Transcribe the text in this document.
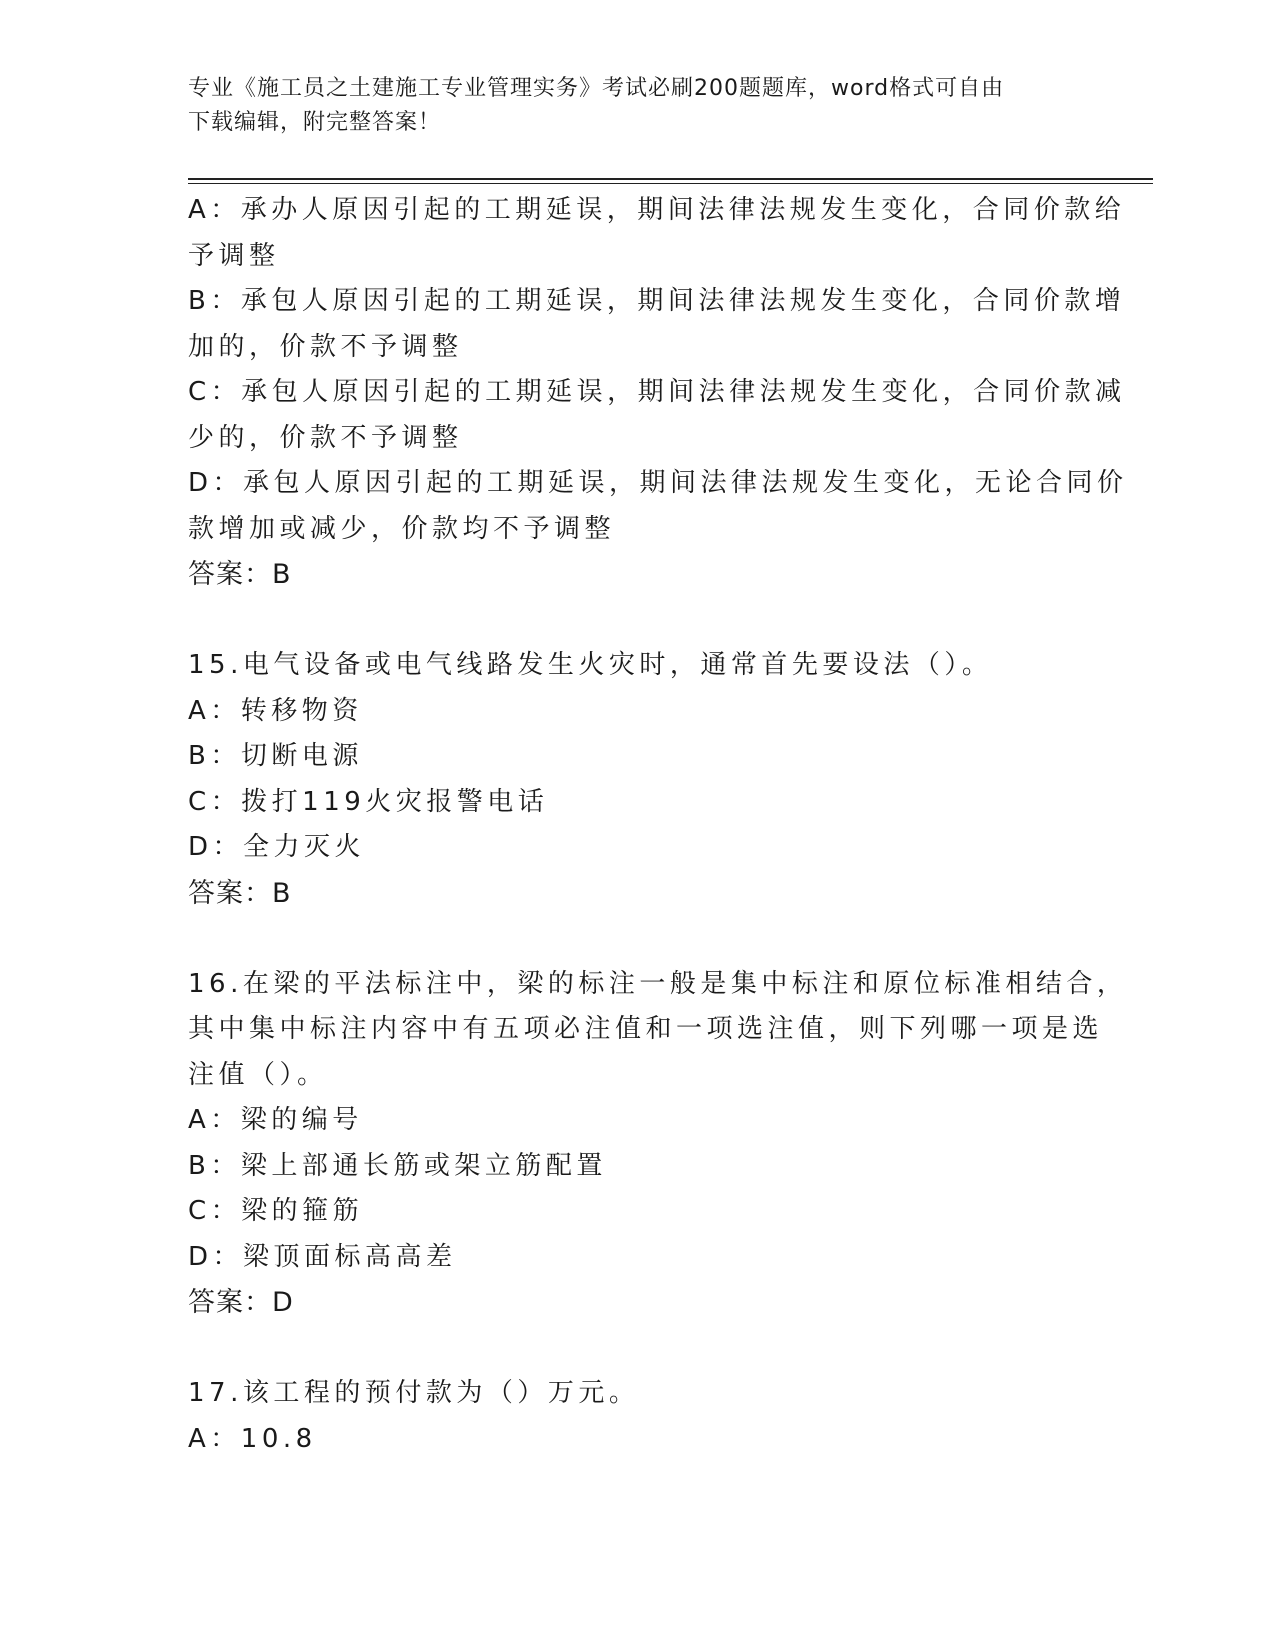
专业《施工员之土建施工专业管理实务》考试必刷200题题库，word格式可自由
下载编辑，附完整答案！
A：承办人原因引起的工期延误，期间法律法规发生变化，合同价款给
予调整
B：承包人原因引起的工期延误，期间法律法规发生变化，合同价款增
加的，价款不予调整
C：承包人原因引起的工期延误，期间法律法规发生变化，合同价款减
少的，价款不予调整
D：承包人原因引起的工期延误，期间法律法规发生变化，无论合同价
款增加或减少，价款均不予调整
答案：B
15.电气设备或电气线路发生火灾时，通常首先要设法（）。
A：转移物资
B：切断电源
C：拨打119火灾报警电话
D：全力灭火
答案：B
16.在梁的平法标注中，梁的标注一般是集中标注和原位标准相结合，
其中集中标注内容中有五项必注值和一项选注值，则下列哪一项是选
注值（）。
A：梁的编号
B：梁上部通长筋或架立筋配置
C：梁的箍筋
D：梁顶面标高高差
答案：D
17.该工程的预付款为（）万元。
A：10.8
